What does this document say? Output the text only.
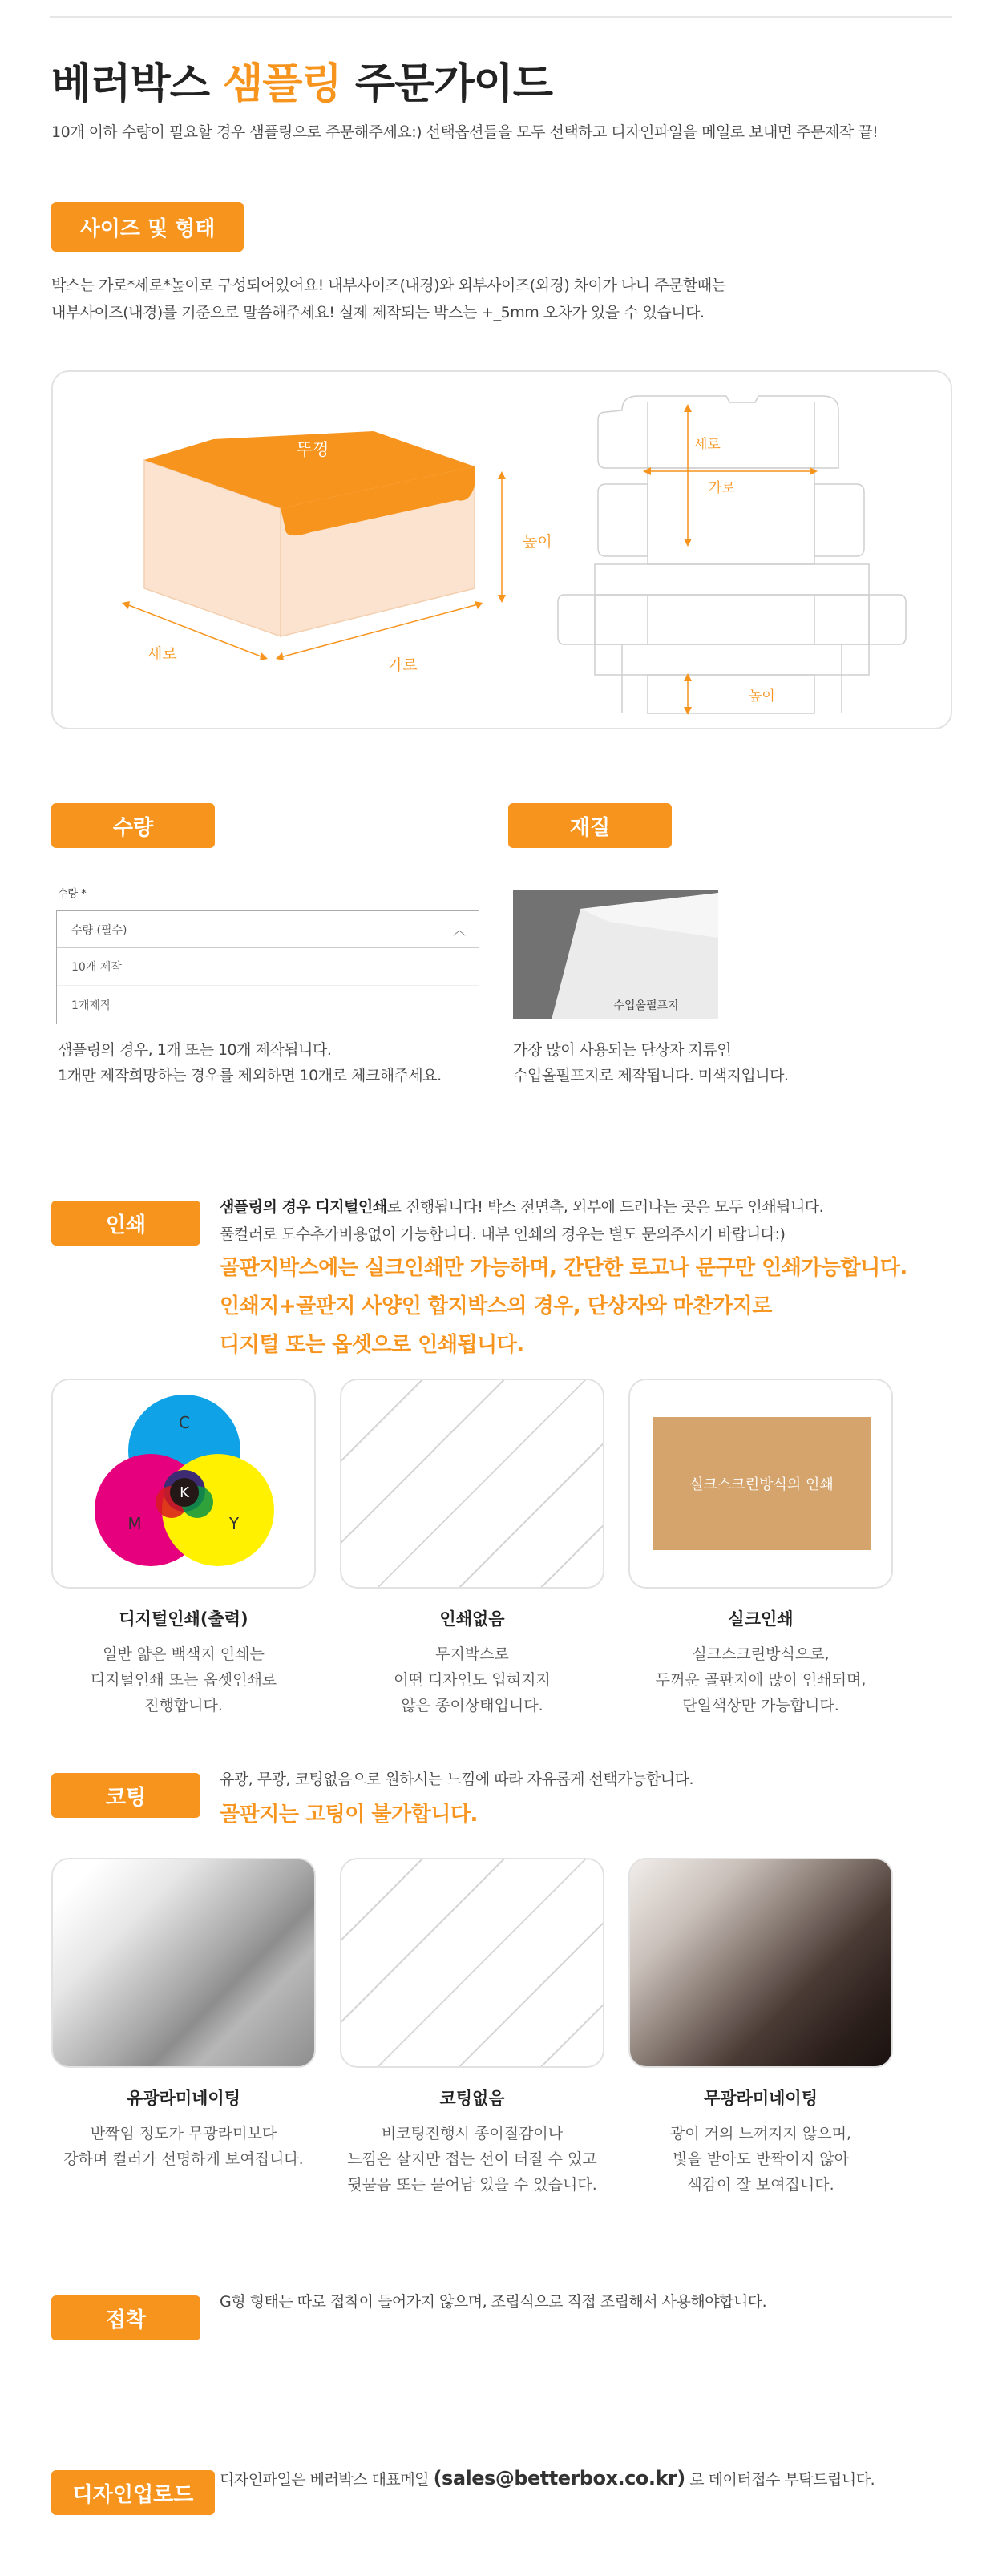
베러박스 샘플링 주문가이드
10개 이하 수량이 필요할 경우 샘플링으로 주문해주세요:) 선택옵션들을 모두 선택하고 디자인파일을 메일로 보내면 주문제작 끝!
사이즈 및 형태
박스는 가로*세로*높이로 구성되어있어요! 내부사이즈(내경)와 외부사이즈(외경) 차이가 나니 주문할때는
내부사이즈(내경)를 기준으로 말씀해주세요! 실제 제작되는 박스는 +_5mm 오차가 있을 수 있습니다.
뚜껑
높이
세로
가로
세로
가로
높이
수량
수량 *
수량 (필수)	︿
10개 제작
1개제작
샘플링의 경우, 1개 또는 10개 제작됩니다.
1개만 제작희망하는 경우를 제외하면 10개로 체크해주세요.
재질
수입올펄프지
가장 많이 사용되는 단상자 지류인
수입올펄프지로 제작됩니다. 미색지입니다.
인쇄
샘플링의 경우 디지털인쇄로 진행됩니다! 박스 전면측, 외부에 드러나는 곳은 모두 인쇄됩니다.
풀컬러로 도수추가비용없이 가능합니다. 내부 인쇄의 경우는 별도 문의주시기 바랍니다:)
골판지박스에는 실크인쇄만 가능하며, 간단한 로고나 문구만 인쇄가능합니다.
인쇄지+골판지 사양인 합지박스의 경우, 단상자와 마찬가지로
디지털 또는 옵셋으로 인쇄됩니다.
C
M	Y
K	실크스크린방식의 인쇄
디지털인쇄(출력)
일반 얇은 백색지 인쇄는
디지털인쇄 또는 옵셋인쇄로
진행합니다.
인쇄없음
무지박스로
어떤 디자인도 입혀지지
않은 종이상태입니다.
실크인쇄
실크스크린방식으로,
두꺼운 골판지에 많이 인쇄되며,
단일색상만 가능합니다.
코팅
유광, 무광, 코팅없음으로 원하시는 느낌에 따라 자유롭게 선택가능합니다.
골판지는 고팅이 불가합니다.
유광라미네이팅
반짝임 정도가 무광라미보다
강하며 컬러가 선명하게 보여집니다.
코팅없음
비코팅진행시 종이질감이나
느낌은 살지만 접는 선이 터질 수 있고
뒷묻음 또는 묻어남 있을 수 있습니다.
무광라미네이팅
광이 거의 느껴지지 않으며,
빛을 받아도 반짝이지 않아
색감이 잘 보여집니다.
접착
G형 형태는 따로 접착이 들어가지 않으며, 조립식으로 직접 조립해서 사용해야합니다.
디자인업로드
디자인파일은 베러박스 대표메일 (sales@betterbox.co.kr) 로 데이터접수 부탁드립니다.
